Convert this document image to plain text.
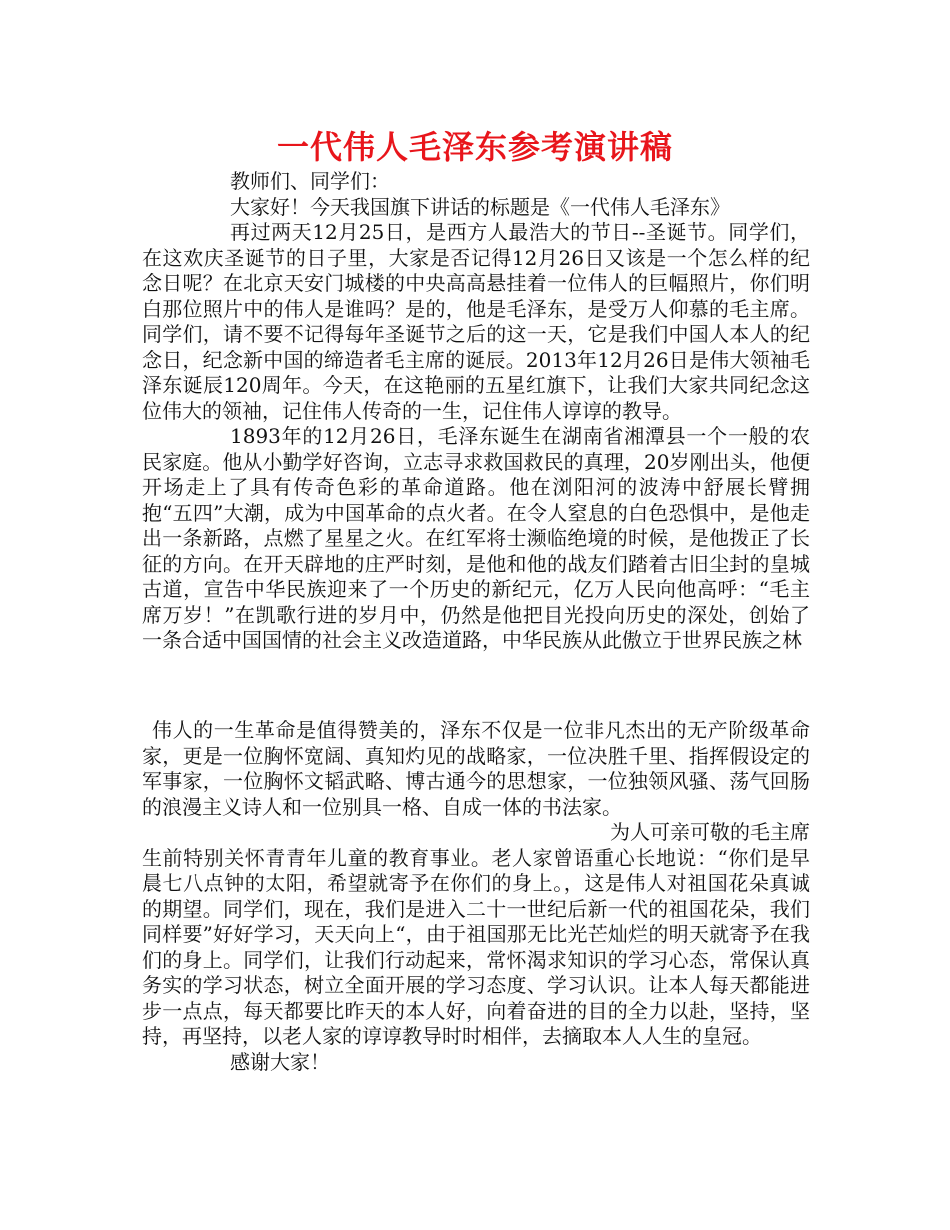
一代伟人毛泽东参考演讲稿

教师们、同学们：

大家好！今天我国旗下讲话的标题是《一代伟人毛泽东》

再过两天12月25日，是西方人最浩大的节日--圣诞节。同学们，在这欢庆圣诞节的日子里，大家是否记得12月26日又该是一个怎么样的纪念日呢？在北京天安门城楼的中央高高悬挂着一位伟人的巨幅照片，你们明白那位照片中的伟人是谁吗？是的，他是毛泽东，是受万人仰慕的毛主席。同学们，请不要不记得每年圣诞节之后的这一天，它是我们中国人本人的纪念日，纪念新中国的缔造者毛主席的诞辰。2013年12月26日是伟大领袖毛泽东诞辰120周年。今天，在这艳丽的五星红旗下，让我们大家共同纪念这位伟大的领袖，记住伟人传奇的一生，记住伟人谆谆的教导。

1893年的12月26日，毛泽东诞生在湖南省湘潭县一个一般的农民家庭。他从小勤学好咨询，立志寻求救国救民的真理，20岁刚出头，他便开场走上了具有传奇色彩的革命道路。他在浏阳河的波涛中舒展长臂拥抱“五四”大潮，成为中国革命的点火者。在令人窒息的白色恐惧中，是他走出一条新路，点燃了星星之火。在红军将士濒临绝境的时候，是他拨正了长征的方向。在开天辟地的庄严时刻，是他和他的战友们踏着古旧尘封的皇城古道，宣告中华民族迎来了一个历史的新纪元，亿万人民向他高呼：“毛主席万岁！”在凯歌行进的岁月中，仍然是他把目光投向历史的深处，创始了一条合适中国国情的社会主义改造道路，中华民族从此傲立于世界民族之林

伟人的一生革命是值得赞美的，泽东不仅是一位非凡杰出的无产阶级革命家，更是一位胸怀宽阔、真知灼见的战略家，一位决胜千里、指挥假设定的军事家，一位胸怀文韬武略、博古通今的思想家，一位独领风骚、荡气回肠的浪漫主义诗人和一位别具一格、自成一体的书法家。

为人可亲可敬的毛主席生前特别关怀青青年儿童的教育事业。老人家曾语重心长地说：“你们是早晨七八点钟的太阳，希望就寄予在你们的身上。，这是伟人对祖国花朵真诚的期望。同学们，现在，我们是进入二十一世纪后新一代的祖国花朵，我们同样要”好好学习，天天向上“，由于祖国那无比光芒灿烂的明天就寄予在我们的身上。同学们，让我们行动起来，常怀渴求知识的学习心态，常保认真务实的学习状态，树立全面开展的学习态度、学习认识。让本人每天都能进步一点点，每天都要比昨天的本人好，向着奋进的目的全力以赴，坚持，坚持，再坚持，以老人家的谆谆教导时时相伴，去摘取本人人生的皇冠。

感谢大家！
